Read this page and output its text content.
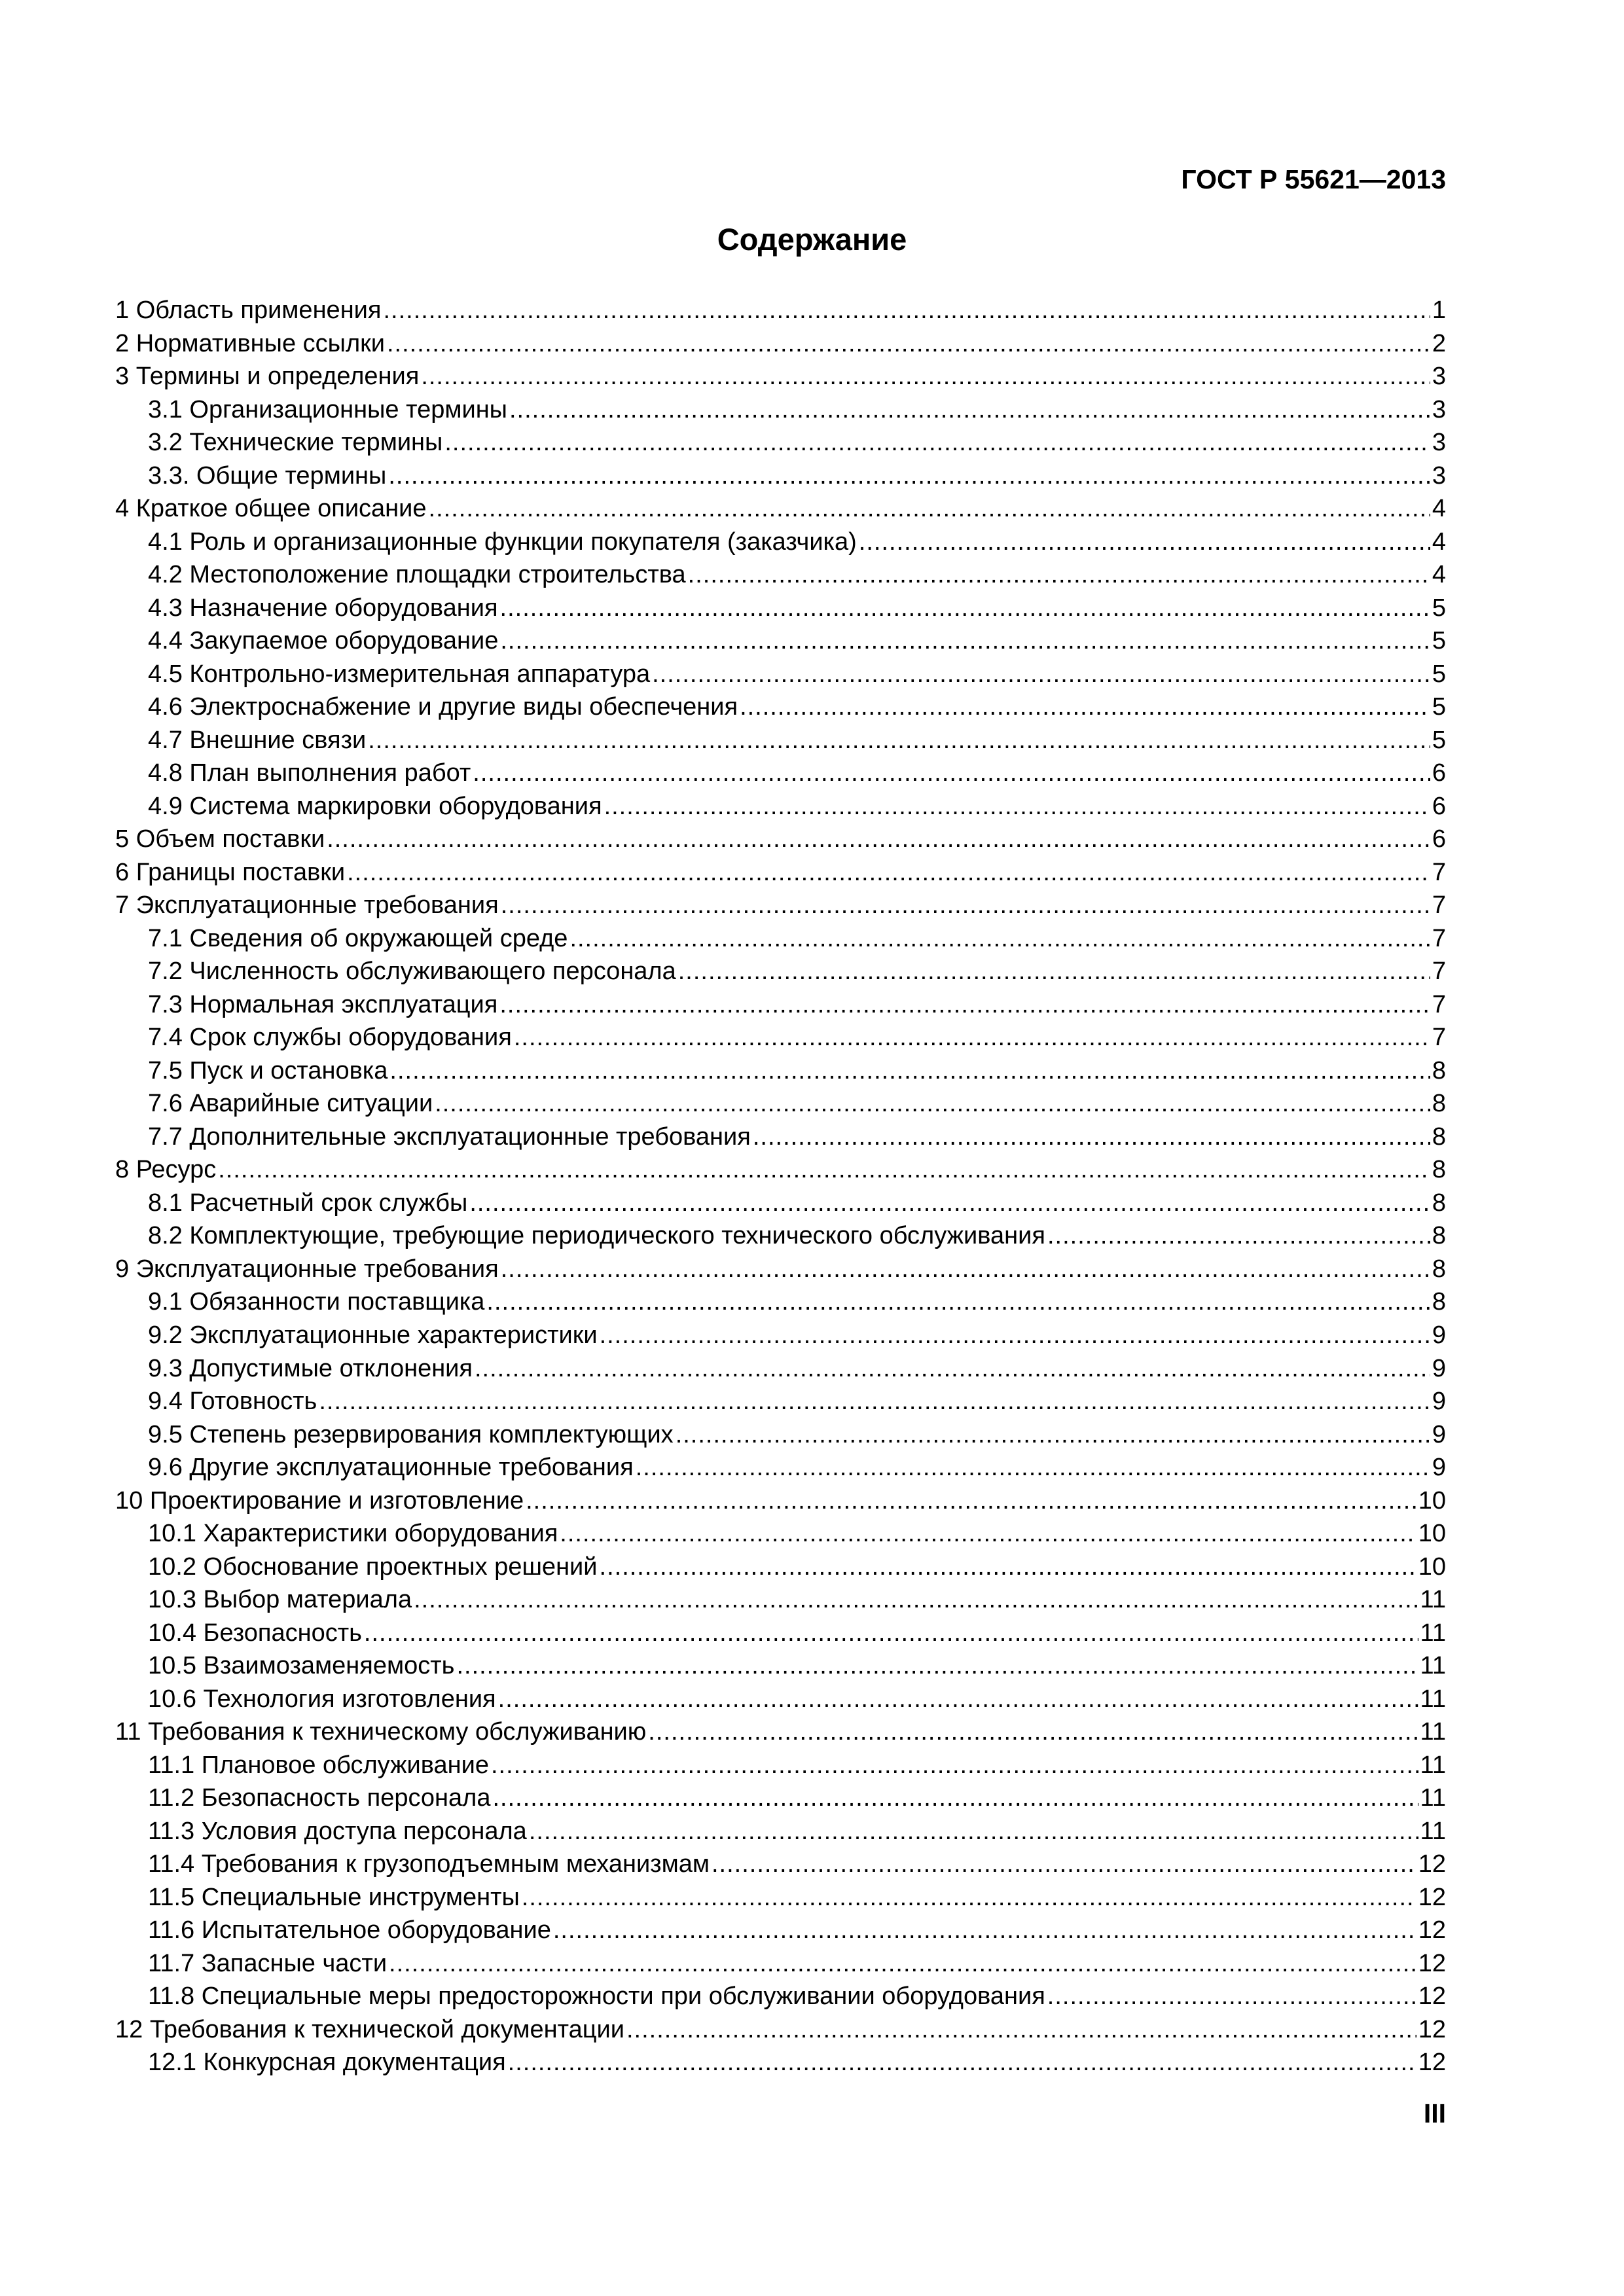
ГОСТ Р 55621—2013
Содержание
1 Область применения .....	1
2 Нормативные ссылки .....	2
3 Термины и определения .....	3
3.1 Организационные термины .....	3
3.2 Технические термины .....	3
3.3. Общие термины .....	3
4 Краткое общее описание .....	4
4.1 Роль и организационные функции покупателя (заказчика) .....	4
4.2 Местоположение площадки строительства .....	4
4.3 Назначение оборудования .....	5
4.4 Закупаемое оборудование .....	5
4.5 Контрольно-измерительная аппаратура .....	5
4.6 Электроснабжение и другие виды обеспечения .....	5
4.7 Внешние связи .....	5
4.8 План выполнения работ .....	6
4.9 Система маркировки оборудования .....	6
5 Объем поставки .....	6
6 Границы поставки .....	7
7 Эксплуатационные требования .....	7
7.1 Сведения об окружающей среде .....	7
7.2 Численность обслуживающего персонала .....	7
7.3 Нормальная эксплуатация .....	7
7.4 Срок службы оборудования .....	7
7.5 Пуск и остановка .....	8
7.6 Аварийные ситуации .....	8
7.7 Дополнительные эксплуатационные требования .....	8
8 Ресурс .....	8
8.1 Расчетный срок службы .....	8
8.2 Комплектующие, требующие периодического технического обслуживания .....	8
9 Эксплуатационные требования .....	8
9.1 Обязанности поставщика .....	8
9.2 Эксплуатационные характеристики .....	9
9.3 Допустимые отклонения .....	9
9.4 Готовность .....	9
9.5 Степень резервирования комплектующих .....	9
9.6 Другие эксплуатационные требования .....	9
10 Проектирование и изготовление .....	10
10.1 Характеристики оборудования .....	10
10.2 Обоснование проектных решений .....	10
10.3 Выбор материала .....	11
10.4 Безопасность .....	11
10.5 Взаимозаменяемость .....	11
10.6 Технология изготовления .....	11
11 Требования к техническому обслуживанию .....	11
11.1 Плановое обслуживание .....	11
11.2 Безопасность персонала .....	11
11.3 Условия доступа персонала .....	11
11.4 Требования к грузоподъемным механизмам .....	12
11.5 Специальные инструменты .....	12
11.6 Испытательное оборудование .....	12
11.7 Запасные части .....	12
11.8 Специальные меры предосторожности при обслуживании оборудования .....	12
12 Требования к технической документации .....	12
12.1 Конкурсная документация .....	12
III
